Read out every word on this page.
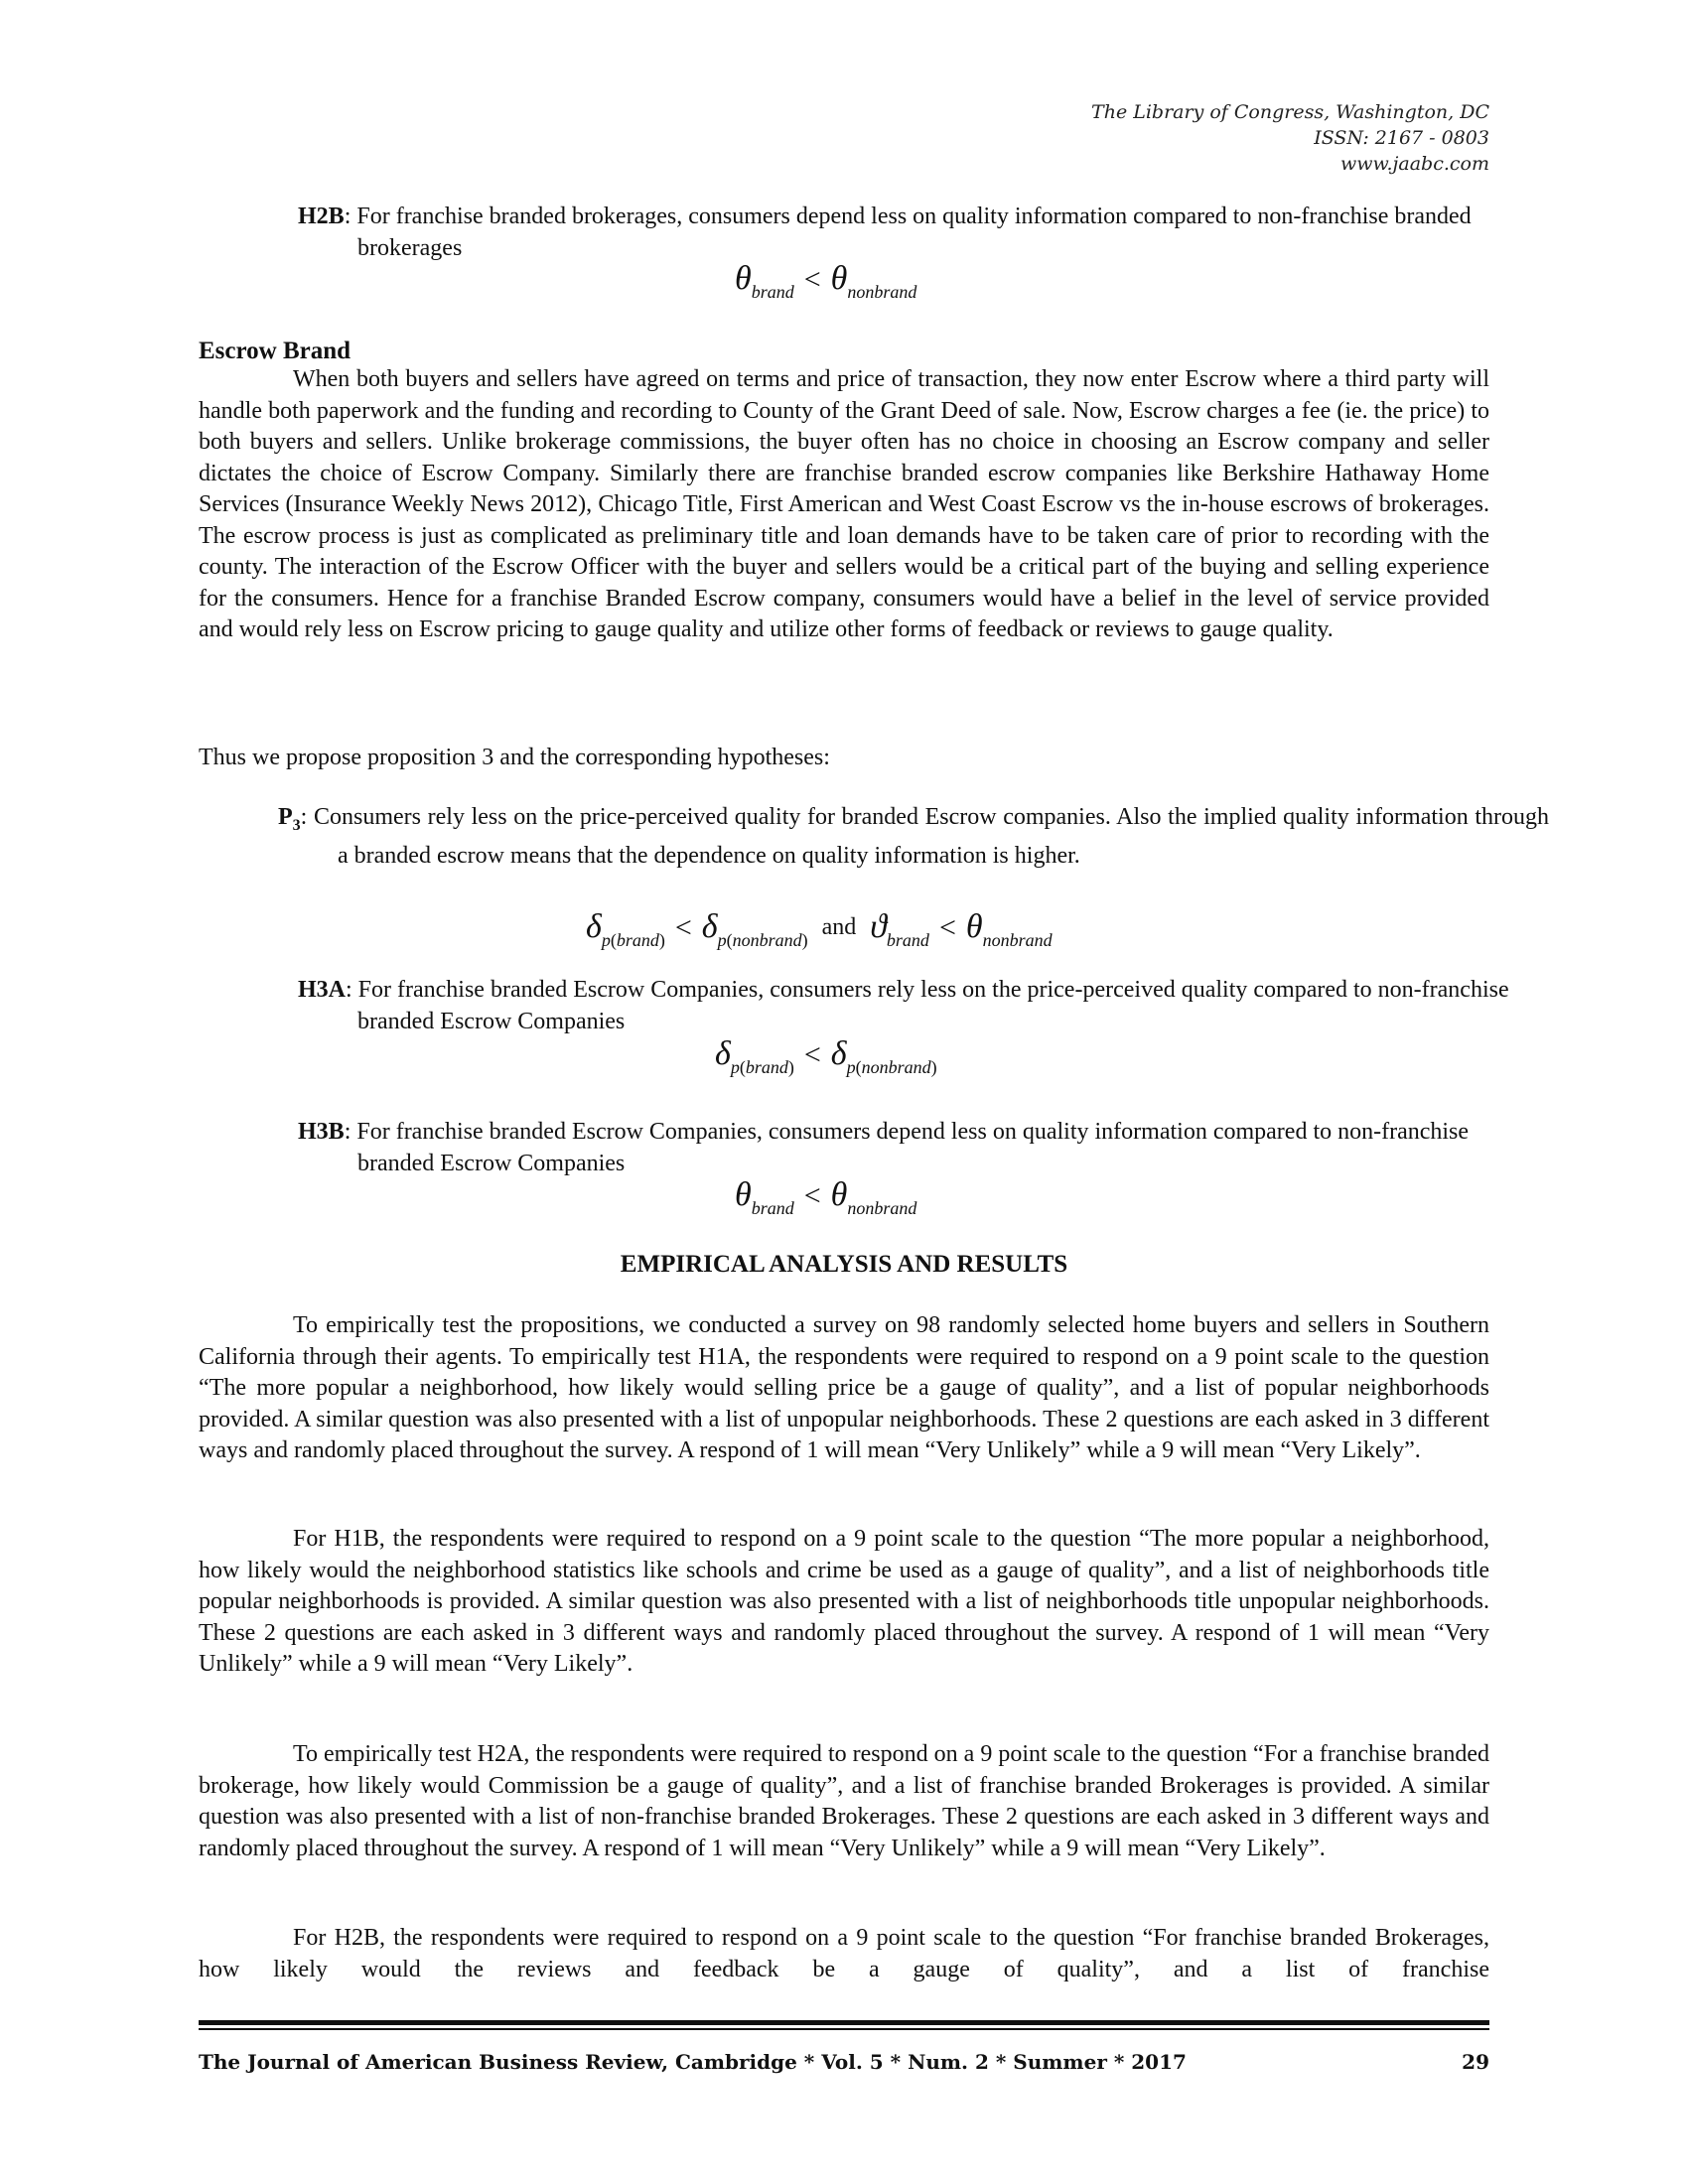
The Library of Congress, Washington, DC
ISSN: 2167 - 0803
www.jaabc.com
H2B: For franchise branded brokerages, consumers depend less on quality information compared to non-franchise branded brokerages
$\theta_{brand} < \theta_{nonbrand}$
Escrow Brand
When both buyers and sellers have agreed on terms and price of transaction, they now enter Escrow where a third party will handle both paperwork and the funding and recording to County of the Grant Deed of sale. Now, Escrow charges a fee (ie. the price) to both buyers and sellers. Unlike brokerage commissions, the buyer often has no choice in choosing an Escrow company and seller dictates the choice of Escrow Company. Similarly there are franchise branded escrow companies like Berkshire Hathaway Home Services (Insurance Weekly News 2012), Chicago Title, First American and West Coast Escrow vs the in-house escrows of brokerages. The escrow process is just as complicated as preliminary title and loan demands have to be taken care of prior to recording with the county. The interaction of the Escrow Officer with the buyer and sellers would be a critical part of the buying and selling experience for the consumers. Hence for a franchise Branded Escrow company, consumers would have a belief in the level of service provided and would rely less on Escrow pricing to gauge quality and utilize other forms of feedback or reviews to gauge quality.
Thus we propose proposition 3 and the corresponding hypotheses:
$P_3$: Consumers rely less on the price-perceived quality for branded Escrow companies. Also the implied quality information through a branded escrow means that the dependence on quality information is higher.
$\delta_{p(brand)} < \delta_{p(nonbrand)}$ and $ϑ_{brand} < \theta_{nonbrand}$
H3A: For franchise branded Escrow Companies, consumers rely less on the price-perceived quality compared to non-franchise branded Escrow Companies
$\delta_{p(brand)} < \delta_{p(nonbrand)}$
H3B: For franchise branded Escrow Companies, consumers depend less on quality information compared to non-franchise branded Escrow Companies
$\theta_{brand} < \theta_{nonbrand}$
EMPIRICAL ANALYSIS AND RESULTS
To empirically test the propositions, we conducted a survey on 98 randomly selected home buyers and sellers in Southern California through their agents. To empirically test H1A, the respondents were required to respond on a 9 point scale to the question “The more popular a neighborhood, how likely would selling price be a gauge of quality”, and a list of popular neighborhoods provided. A similar question was also presented with a list of unpopular neighborhoods. These 2 questions are each asked in 3 different ways and randomly placed throughout the survey. A respond of 1 will mean “Very Unlikely” while a 9 will mean “Very Likely”.
For H1B, the respondents were required to respond on a 9 point scale to the question “The more popular a neighborhood, how likely would the neighborhood statistics like schools and crime be used as a gauge of quality”, and a list of neighborhoods title popular neighborhoods is provided. A similar question was also presented with a list of neighborhoods title unpopular neighborhoods. These 2 questions are each asked in 3 different ways and randomly placed throughout the survey. A respond of 1 will mean “Very Unlikely” while a 9 will mean “Very Likely”.
To empirically test H2A, the respondents were required to respond on a 9 point scale to the question “For a franchise branded brokerage, how likely would Commission be a gauge of quality”, and a list of franchise branded Brokerages is provided. A similar question was also presented with a list of non-franchise branded Brokerages. These 2 questions are each asked in 3 different ways and randomly placed throughout the survey. A respond of 1 will mean “Very Unlikely” while a 9 will mean “Very Likely”.
For H2B, the respondents were required to respond on a 9 point scale to the question “For franchise branded Brokerages, how likely would the reviews and feedback be a gauge of quality”, and a list of franchise
The Journal of American Business Review, Cambridge * Vol. 5 * Num. 2 * Summer * 2017	29
